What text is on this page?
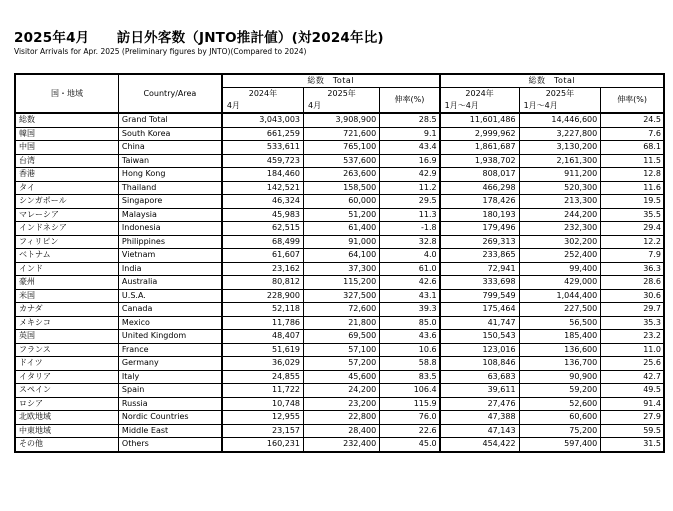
2025年4月　　訪日外客数（JNTO推計値）(対2024年比)
Visitor Arrivals for Apr. 2025 (Preliminary figures by JNTO)(Compared to 2024)
国・地域	Country/Area	総数　Total			総数　Total		
		2024年	2025年	伸率(%)	2024年	2025年	伸率(%)
		4月	4月		1月～4月	1月～4月	
総数	Grand Total	3,043,003	3,908,900	28.5	11,601,486	14,446,600	24.5
韓国	South Korea	661,259	721,600	9.1	2,999,962	3,227,800	7.6
中国	China	533,611	765,100	43.4	1,861,687	3,130,200	68.1
台湾	Taiwan	459,723	537,600	16.9	1,938,702	2,161,300	11.5
香港	Hong Kong	184,460	263,600	42.9	808,017	911,200	12.8
タイ	Thailand	142,521	158,500	11.2	466,298	520,300	11.6
シンガポール	Singapore	46,324	60,000	29.5	178,426	213,300	19.5
マレーシア	Malaysia	45,983	51,200	11.3	180,193	244,200	35.5
インドネシア	Indonesia	62,515	61,400	-1.8	179,496	232,300	29.4
フィリピン	Philippines	68,499	91,000	32.8	269,313	302,200	12.2
ベトナム	Vietnam	61,607	64,100	4.0	233,865	252,400	7.9
インド	India	23,162	37,300	61.0	72,941	99,400	36.3
豪州	Australia	80,812	115,200	42.6	333,698	429,000	28.6
米国	U.S.A.	228,900	327,500	43.1	799,549	1,044,400	30.6
カナダ	Canada	52,118	72,600	39.3	175,464	227,500	29.7
メキシコ	Mexico	11,786	21,800	85.0	41,747	56,500	35.3
英国	United Kingdom	48,407	69,500	43.6	150,543	185,400	23.2
フランス	France	51,619	57,100	10.6	123,016	136,600	11.0
ドイツ	Germany	36,029	57,200	58.8	108,846	136,700	25.6
イタリア	Italy	24,855	45,600	83.5	63,683	90,900	42.7
スペイン	Spain	11,722	24,200	106.4	39,611	59,200	49.5
ロシア	Russia	10,748	23,200	115.9	27,476	52,600	91.4
北欧地域	Nordic Countries	12,955	22,800	76.0	47,388	60,600	27.9
中東地域	Middle East	23,157	28,400	22.6	47,143	75,200	59.5
その他	Others	160,231	232,400	45.0	454,422	597,400	31.5
